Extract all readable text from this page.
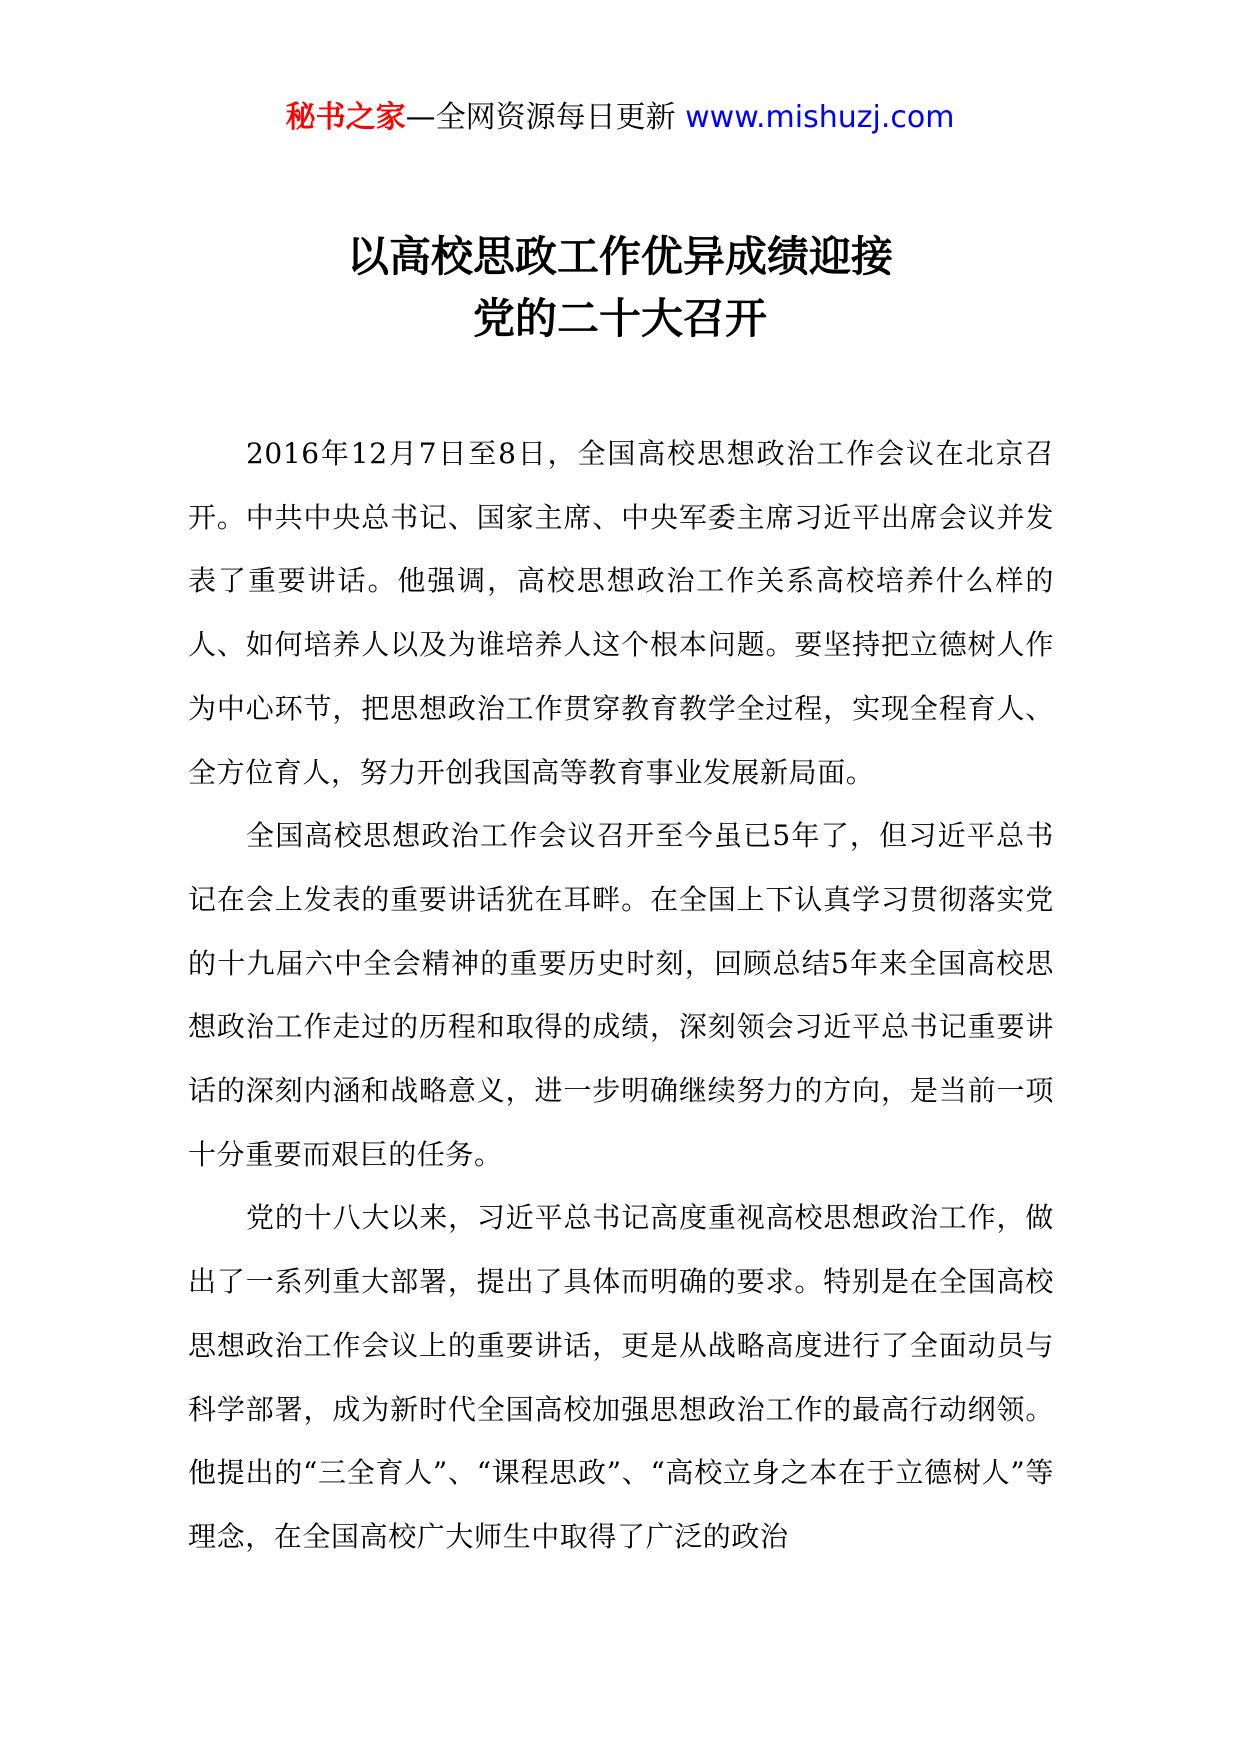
秘书之家—全网资源每日更新 www.mishuzj.com
以高校思政工作优异成绩迎接
党的二十大召开

2016年12月7日至8日，全国高校思想政治工作会议在北京召开。中共中央总书记、国家主席、中央军委主席习近平出席会议并发表了重要讲话。他强调，高校思想政治工作关系高校培养什么样的人、如何培养人以及为谁培养人这个根本问题。要坚持把立德树人作为中心环节，把思想政治工作贯穿教育教学全过程，实现全程育人、全方位育人，努力开创我国高等教育事业发展新局面。

全国高校思想政治工作会议召开至今虽已5年了，但习近平总书记在会上发表的重要讲话犹在耳畔。在全国上下认真学习贯彻落实党的十九届六中全会精神的重要历史时刻，回顾总结5年来全国高校思想政治工作走过的历程和取得的成绩，深刻领会习近平总书记重要讲话的深刻内涵和战略意义，进一步明确继续努力的方向，是当前一项十分重要而艰巨的任务。

党的十八大以来，习近平总书记高度重视高校思想政治工作，做出了一系列重大部署，提出了具体而明确的要求。特别是在全国高校思想政治工作会议上的重要讲话，更是从战略高度进行了全面动员与科学部署，成为新时代全国高校加强思想政治工作的最高行动纲领。他提出的“三全育人”、“课程思政”、“高校立身之本在于立德树人”等理念，在全国高校广大师生中取得了广泛的政治
